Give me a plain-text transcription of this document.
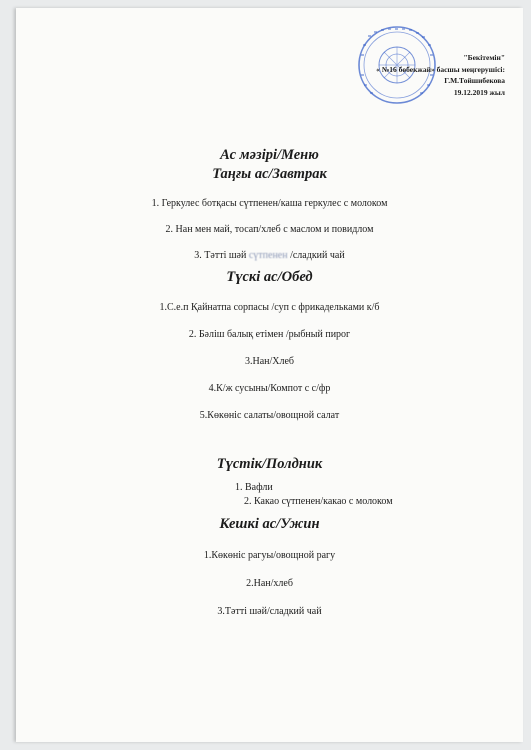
"Бекітемін"
« №16 бөбекжай» басшы меңгерушісі:
Г.М.Тойшибекова
19.12.2019 жыл

Ас мәзірі/Меню

Таңғы ас/Завтрак

1. Геркулес ботқасы сүтпенен/каша геркулес с молоком

2. Нан мен май, тосап/хлеб с маслом и повидлом

3. Тәтті шәй сүтпенен /сладкий чай

Түскі ас/Обед

1.С.е.п Қайнатпа сорпасы /суп с фрикадельками к/б

2. Бәліш балық етімен /рыбный пирог

3.Нан/Хлеб

4.К/ж сусыны/Компот с с/фр

5.Көкөніс салаты/овощной салат

Түстік/Полдник

1. Вафли
2. Какао сүтпенен/какао с молоком

Кешкі ас/Ужин

1.Көкөніс рагуы/овощной рагу

2.Нан/хлеб

3.Тәтті шәй/сладкий чай
